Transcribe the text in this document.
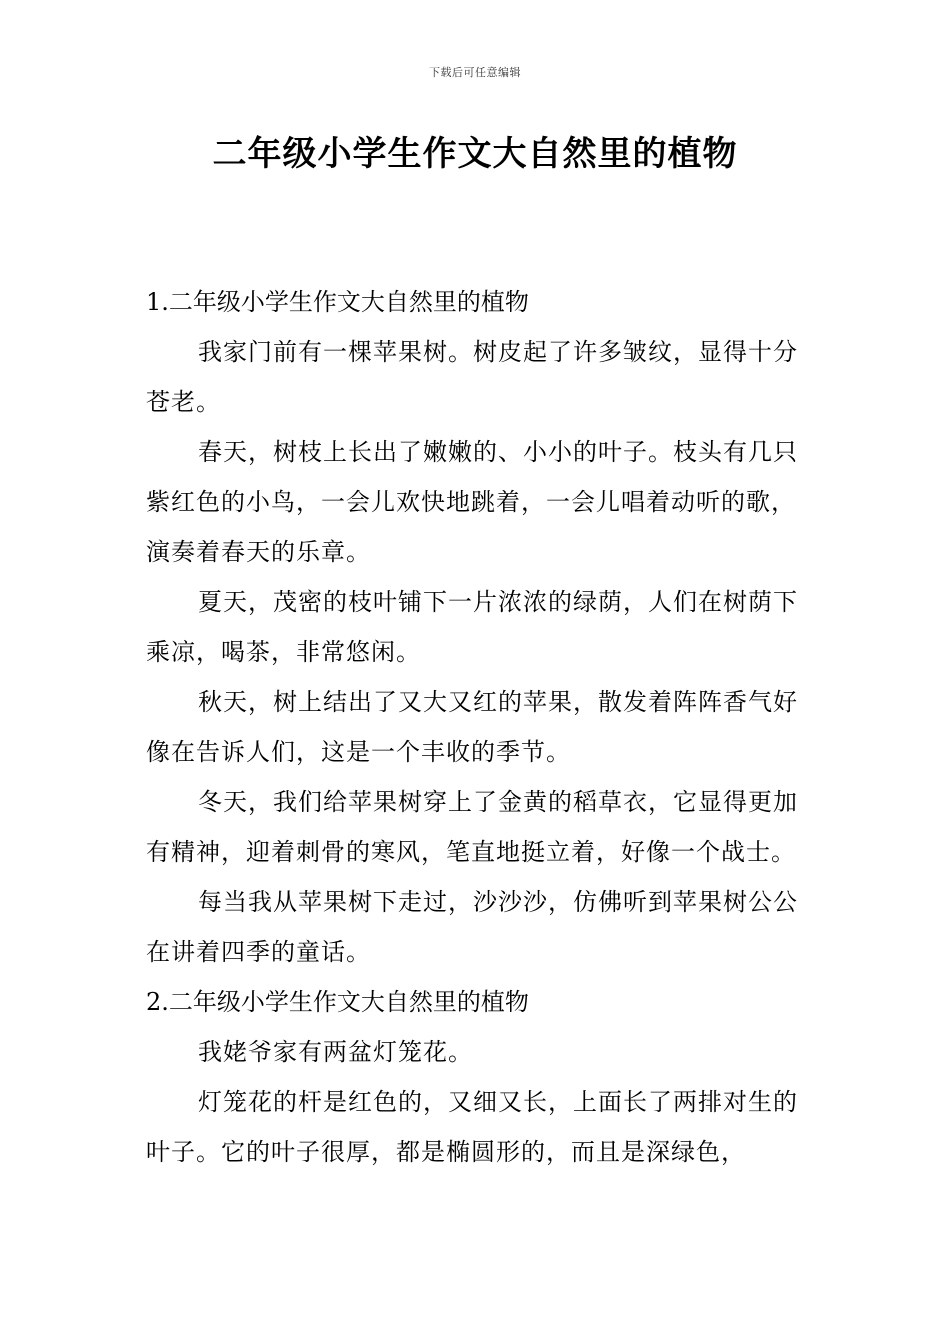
下载后可任意编辑
二年级小学生作文大自然里的植物

1.二年级小学生作文大自然里的植物

我家门前有一棵苹果树。树皮起了许多皱纹，显得十分苍老。

春天，树枝上长出了嫩嫩的、小小的叶子。枝头有几只紫红色的小鸟，一会儿欢快地跳着，一会儿唱着动听的歌，演奏着春天的乐章。

夏天，茂密的枝叶铺下一片浓浓的绿荫，人们在树荫下乘凉，喝茶，非常悠闲。

秋天，树上结出了又大又红的苹果，散发着阵阵香气好像在告诉人们，这是一个丰收的季节。

冬天，我们给苹果树穿上了金黄的稻草衣，它显得更加有精神，迎着刺骨的寒风，笔直地挺立着，好像一个战士。

每当我从苹果树下走过，沙沙沙，仿佛听到苹果树公公在讲着四季的童话。

2.二年级小学生作文大自然里的植物

我姥爷家有两盆灯笼花。

灯笼花的杆是红色的，又细又长，上面长了两排对生的叶子。它的叶子很厚，都是椭圆形的，而且是深绿色，
